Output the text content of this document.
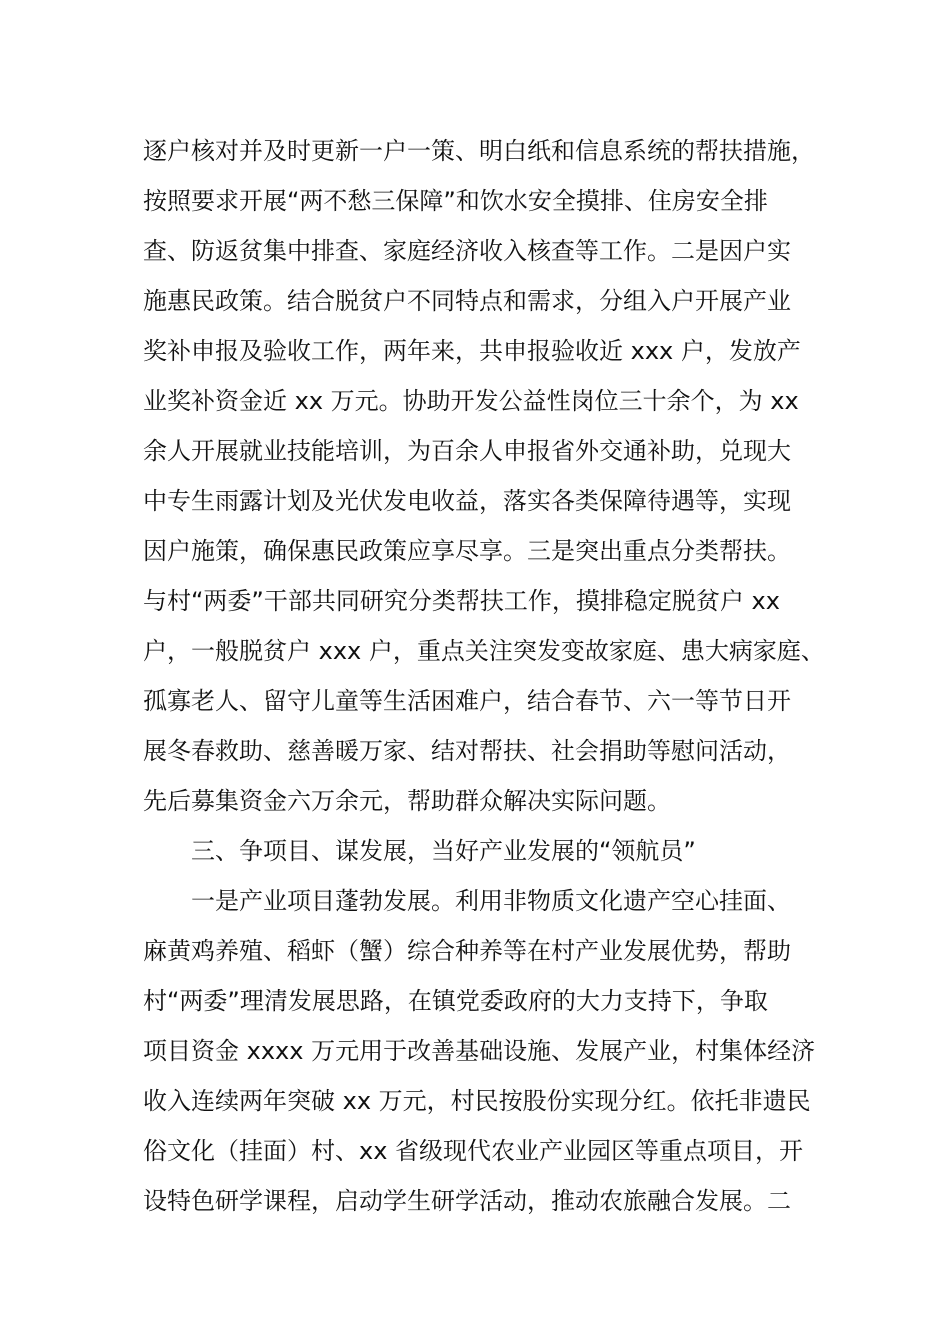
逐户核对并及时更新一户一策、明白纸和信息系统的帮扶措施，
按照要求开展“两不愁三保障”和饮水安全摸排、住房安全排
查、防返贫集中排查、家庭经济收入核查等工作。二是因户实
施惠民政策。结合脱贫户不同特点和需求，分组入户开展产业
奖补申报及验收工作，两年来，共申报验收近 xxx 户，发放产
业奖补资金近 xx 万元。协助开发公益性岗位三十余个，为 xx
余人开展就业技能培训，为百余人申报省外交通补助，兑现大
中专生雨露计划及光伏发电收益，落实各类保障待遇等，实现
因户施策，确保惠民政策应享尽享。三是突出重点分类帮扶。
与村“两委”干部共同研究分类帮扶工作，摸排稳定脱贫户 xx
户，一般脱贫户 xxx 户，重点关注突发变故家庭、患大病家庭、
孤寡老人、留守儿童等生活困难户，结合春节、六一等节日开
展冬春救助、慈善暖万家、结对帮扶、社会捐助等慰问活动，
先后募集资金六万余元，帮助群众解决实际问题。
三、争项目、谋发展，当好产业发展的“领航员”
一是产业项目蓬勃发展。利用非物质文化遗产空心挂面、
麻黄鸡养殖、稻虾（蟹）综合种养等在村产业发展优势，帮助
村“两委”理清发展思路，在镇党委政府的大力支持下，争取
项目资金 xxxx 万元用于改善基础设施、发展产业，村集体经济
收入连续两年突破 xx 万元，村民按股份实现分红。依托非遗民
俗文化（挂面）村、xx 省级现代农业产业园区等重点项目，开
设特色研学课程，启动学生研学活动，推动农旅融合发展。二
